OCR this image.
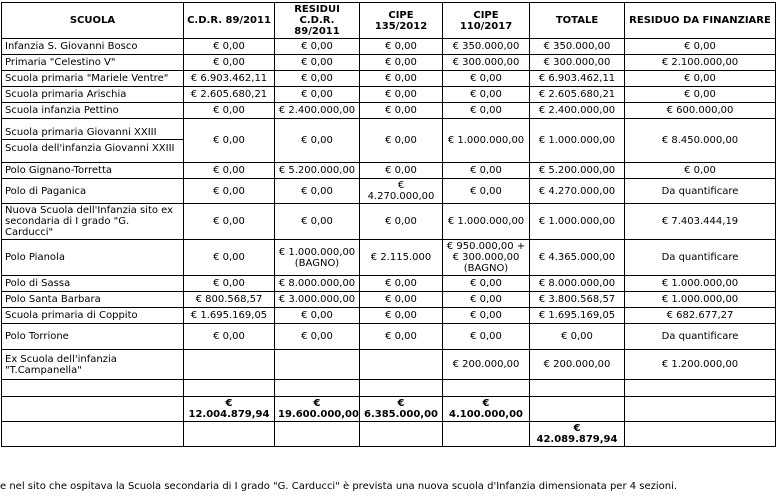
SCUOLA	C.D.R. 89/2011	RESIDUI C.D.R. 89/2011	CIPE 135/2012	CIPE 110/2017	TOTALE	RESIDUO DA FINANZIARE

Infanzia S. Giovanni Bosco	€ 0,00	€ 0,00	€ 0,00	€ 350.000,00	€ 350.000,00	€ 0,00

Primaria "Celestino V"	€ 0,00	€ 0,00	€ 0,00	€ 300.000,00	€ 300.000,00	€ 2.100.000,00

Scuola primaria "Mariele Ventre"	€ 6.903.462,11	€ 0,00	€ 0,00	€ 0,00	€ 6.903.462,11	€ 0,00

Scuola primaria Arischia	€ 2.605.680,21	€ 0,00	€ 0,00	€ 0,00	€ 2.605.680,21	€ 0,00

Scuola infanzia Pettino	€ 0,00	€ 2.400.000,00	€ 0,00	€ 0,00	€ 2.400.000,00	€ 600.000,00

Scuola primaria Giovanni XXIII
Scuola dell'infanzia Giovanni XXIII	€ 0,00	€ 0,00	€ 0,00	€ 1.000.000,00	€ 1.000.000,00	€ 8.450.000,00

Polo Gignano-Torretta	€ 0,00	€ 5.200.000,00	€ 0,00	€ 0,00	€ 5.200.000,00	€ 0,00

Polo di Paganica	€ 0,00	€ 0,00	€ 4.270.000,00	€ 0,00	€ 4.270.000,00	Da quantificare

Nuova Scuola dell'Infanzia sito ex secondaria di I grado "G. Carducci"	€ 0,00	€ 0,00	€ 0,00	€ 1.000.000,00	€ 1.000.000,00	€ 7.403.444,19

Polo Pianola	€ 0,00	€ 1.000.000,00 (BAGNO)	€ 2.115.000	€ 950.000,00 + € 300.000,00 (BAGNO)	€ 4.365.000,00	Da quantificare

Polo di Sassa	€ 0,00	€ 8.000.000,00	€ 0,00	€ 0,00	€ 8.000.000,00	€ 1.000.000,00

Polo Santa Barbara	€ 800.568,57	€ 3.000.000,00	€ 0,00	€ 0,00	€ 3.800.568,57	€ 1.000.000,00

Scuola primaria di Coppito	€ 1.695.169,05	€ 0,00	€ 0,00	€ 0,00	€ 1.695.169,05	€ 682.677,27

Polo Torrione	€ 0,00	€ 0,00	€ 0,00	€ 0,00	€ 0,00	Da quantificare

Ex Scuola dell'infanzia "T.Campanella"				€ 200.000,00	€ 200.000,00	€ 1.200.000,00

	€ 12.004.879,94	€ 19.600.000,00	€ 6.385.000,00	€ 4.100.000,00		
					€ 42.089.879,94	
e nel sito che ospitava la Scuola secondaria di I grado "G. Carducci" è prevista una nuova scuola d'Infanzia dimensionata per 4 sezioni.
